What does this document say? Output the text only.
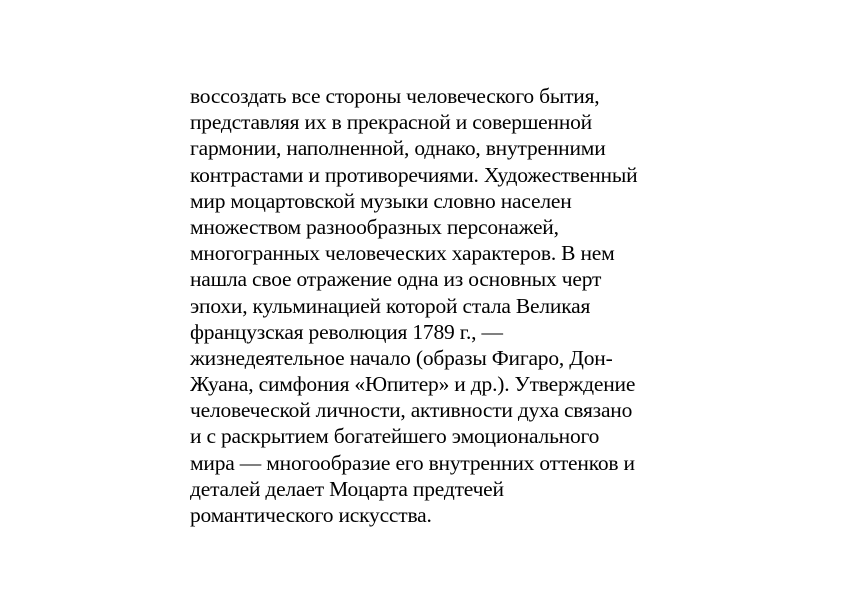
воссоздать все стороны человеческого бытия,
представляя их в прекрасной и совершенной
гармонии, наполненной, однако, внутренними
контрастами и противоречиями. Художественный
мир моцартовской музыки словно населен
множеством разнообразных персонажей,
многогранных человеческих характеров. В нем
нашла свое отражение одна из основных черт
эпохи, кульминацией которой стала Великая
французская революция 1789 г., —
жизнедеятельное начало (образы Фигаро, Дон-
Жуана, симфония «Юпитер» и др.). Утверждение
человеческой личности, активности духа связано
и с раскрытием богатейшего эмоционального
мира — многообразие его внутренних оттенков и
деталей делает Моцарта предтечей
романтического искусства.
